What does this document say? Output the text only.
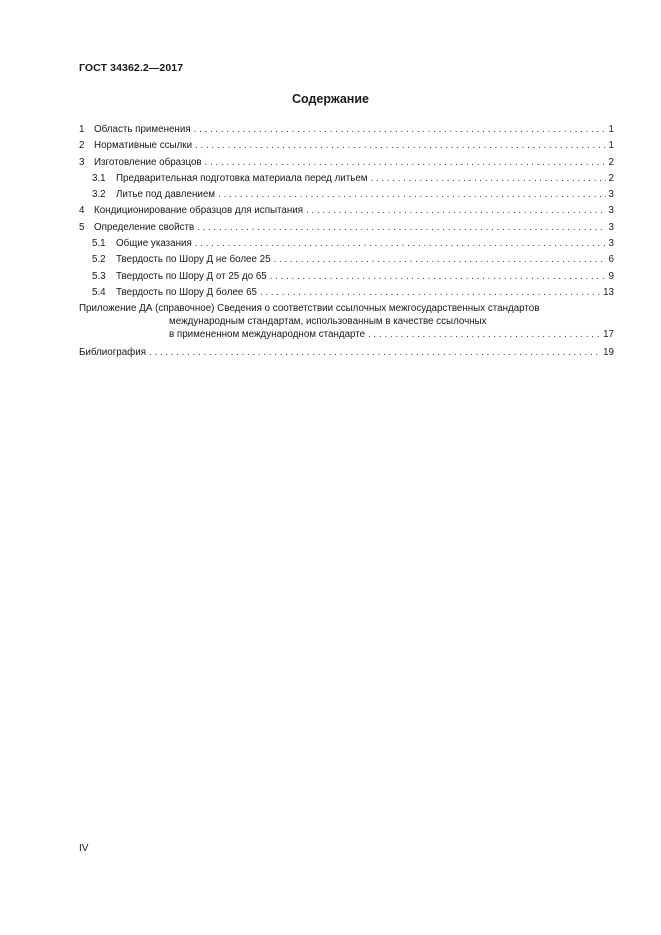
ГОСТ 34362.2—2017
Содержание
1 Область применения . . .	1
2 Нормативные ссылки . . .	1
3 Изготовление образцов . . .	2
3.1	Предварительная подготовка материала перед литьем . . .	2
3.2	Литье под давлением . . .	3
4 Кондиционирование образцов для испытания . . .	3
5 Определение свойств . . .	3
5.1	Общие указания . . .	3
5.2	Твердость по Шору Д не более 25 . . .	6
5.3	Твердость по Шору Д от 25 до 65 . . .	9
5.4	Твердость по Шору Д более 65 . . .	13
Приложение ДА (справочное) Сведения о соответствии ссылочных межгосударственных стандартов
международным стандартам, использованным в качестве ссылочных
в примененном международном стандарте . . .	17
Библиография . . .	19
IV
